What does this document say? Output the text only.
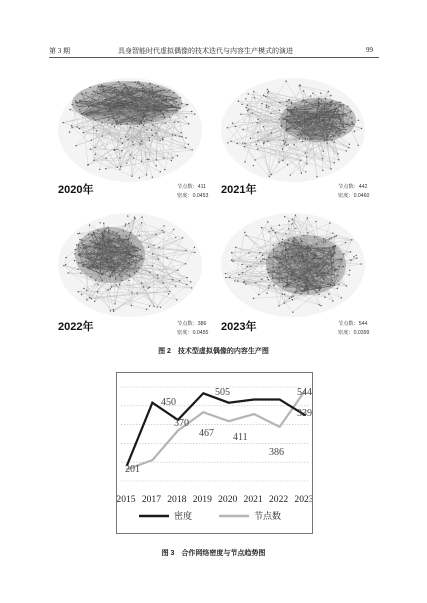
第 3 期	具身智能时代虚拟偶像的技术迭代与内容生产模式的演进	99
2020年	节点数：411
密度：0.0453 2021年	节点数：442
密度：0.0460
2022年	节点数：386
密度：0.0455 2023年	节点数：544
密度：0.0399
图 2　技术型虚拟偶像的内容生产图
201
450
370
505
467 411
386
544
339
2015 2017 2018 2019 2020 2021 2022 2023
密度	节点数
图 3　合作网络密度与节点趋势图
